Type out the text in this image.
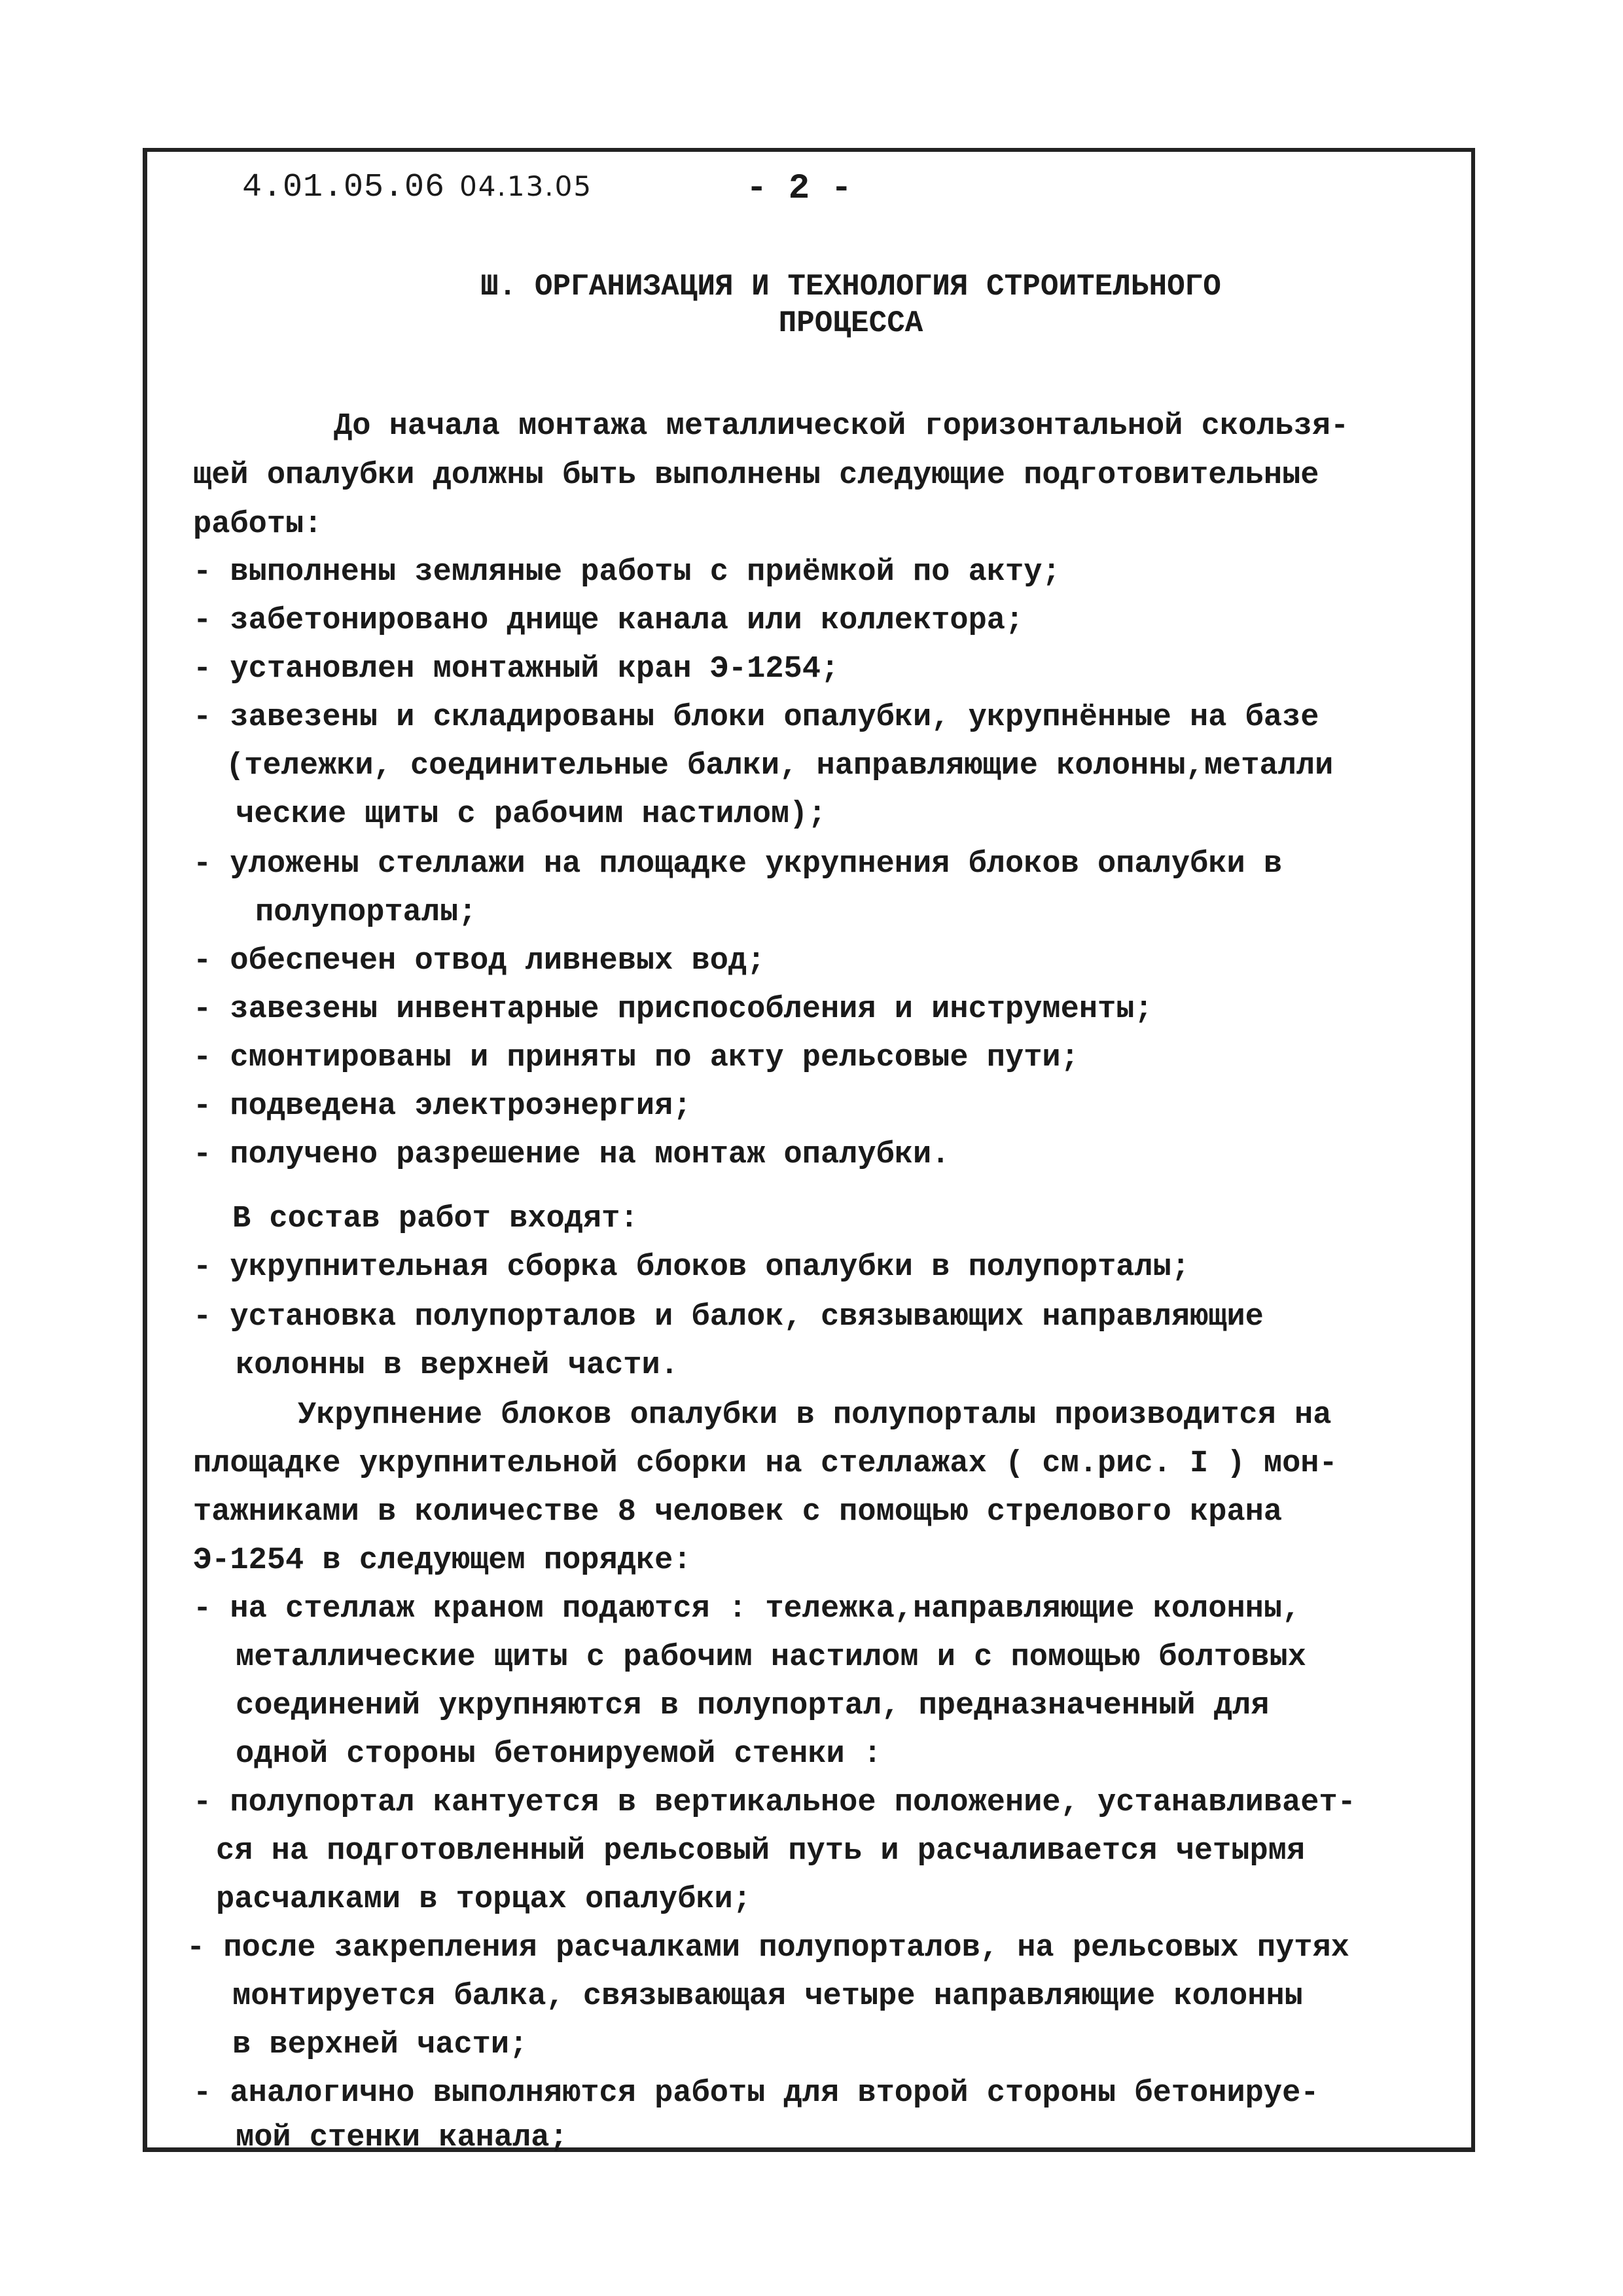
4.01.05.06 04.13.05	- 2 -
Ш. ОРГАНИЗАЦИЯ И ТЕХНОЛОГИЯ СТРОИТЕЛЬНОГО
ПРОЦЕССА
До начала монтажа металлической горизонтальной скользя-
щей опалубки должны быть выполнены следующие подготовительные
работы:
- выполнены земляные работы с приёмкой по акту;
- забетонировано днище канала или коллектора;
- установлен монтажный кран Э-1254;
- завезены и складированы блоки опалубки, укрупнённые на базе
(тележки, соединительные балки, направляющие колонны,металли
ческие щиты с рабочим настилом);
- уложены стеллажи на площадке укрупнения блоков опалубки в
полупорталы;
- обеспечен отвод ливневых вод;
- завезены инвентарные приспособления и инструменты;
- смонтированы и приняты по акту рельсовые пути;
- подведена электроэнергия;
- получено разрешение на монтаж опалубки.
В состав работ входят:
- укрупнительная сборка блоков опалубки в полупорталы;
- установка полупорталов и балок, связывающих направляющие
колонны в верхней части.
Укрупнение блоков опалубки в полупорталы производится на
площадке укрупнительной сборки на стеллажах ( см.рис. I ) мон-
тажниками в количестве 8 человек с помощью стрелового крана
Э-1254 в следующем порядке:
- на стеллаж краном подаются : тележка,направляющие колонны,
металлические щиты с рабочим настилом и с помощью болтовых
соединений укрупняются в полупортал, предназначенный для
одной стороны бетонируемой стенки :
- полупортал кантуется в вертикальное положение, устанавливает-
ся на подготовленный рельсовый путь и расчаливается четырмя
расчалками в торцах опалубки;
- после закрепления расчалками полупорталов, на рельсовых путях
монтируется балка, связывающая четыре направляющие колонны
в верхней части;
- аналогично выполняются работы для второй стороны бетонируе-
мой стенки канала;
